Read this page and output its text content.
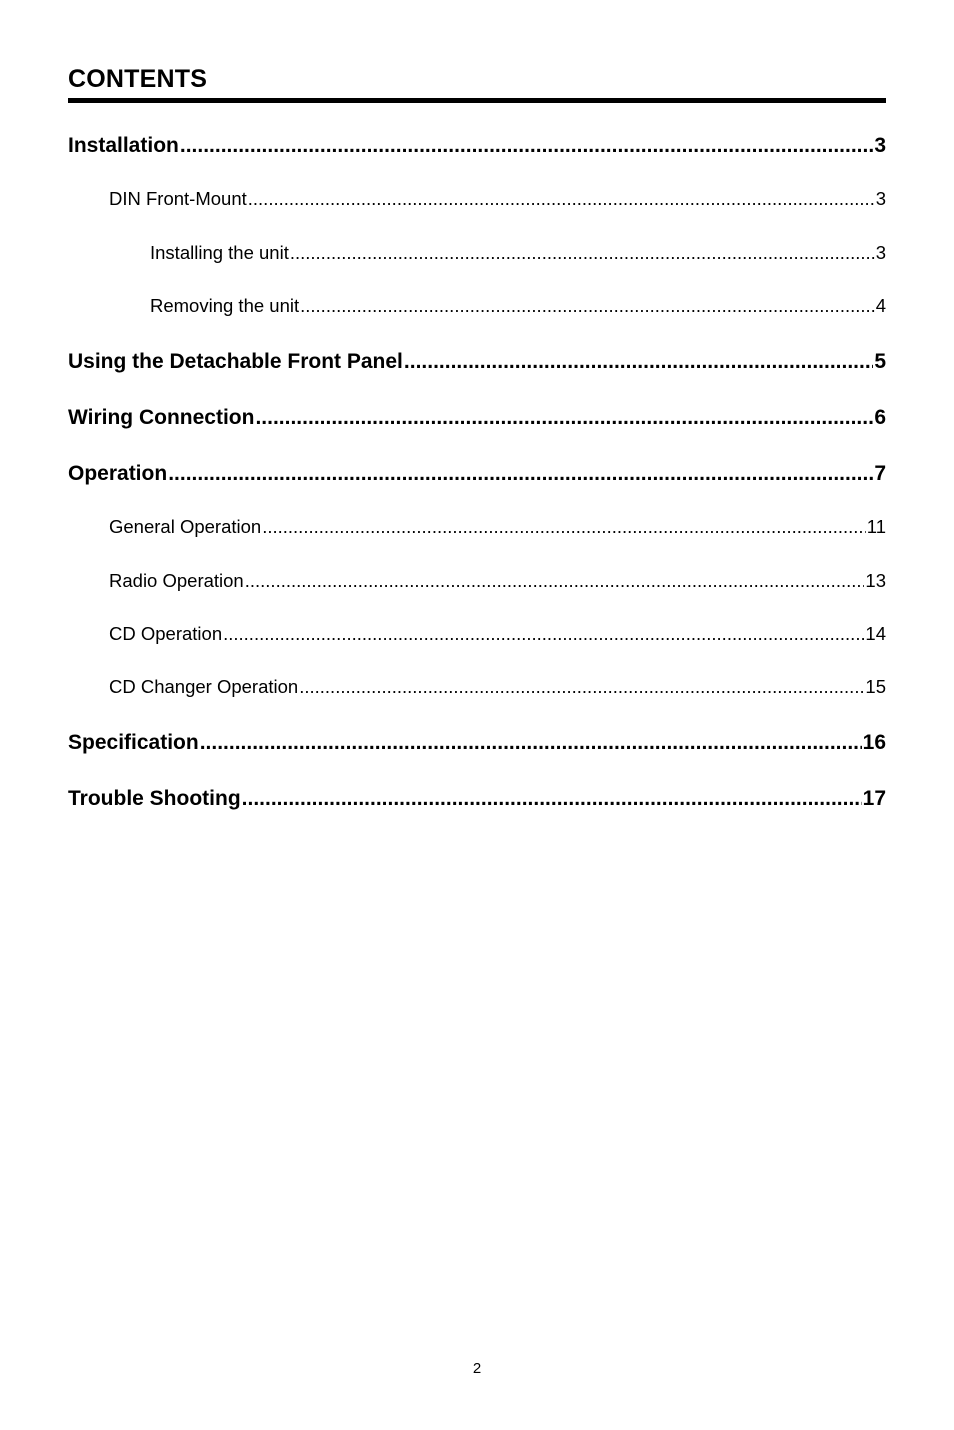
CONTENTS
Installation .....	3
DIN Front-Mount .....	3
Installing the unit .....	3
Removing the unit .....	4
Using the Detachable Front Panel .....	5
Wiring Connection .....	6
Operation .....	7
General Operation .....	11
Radio Operation .....	13
CD Operation .....	14
CD Changer Operation .....	15
Specification .....	16
Trouble Shooting .....	17
2
